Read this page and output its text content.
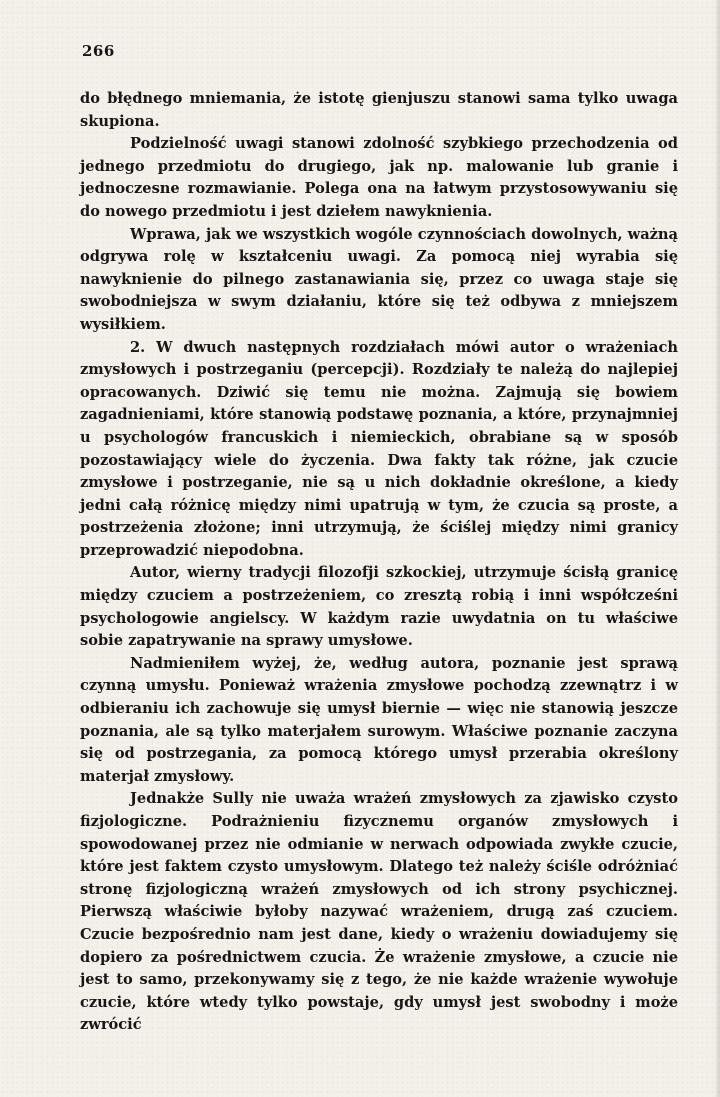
266

do błędnego mniemania, że istotę gienjuszu stanowi sama tylko uwaga skupiona.

Podzielność uwagi stanowi zdolność szybkiego przechodzenia od jednego przedmiotu do drugiego, jak np. malowanie lub granie i jednoczesne rozmawianie. Polega ona na łatwym przystosowywaniu się do nowego przedmiotu i jest dziełem nawyknienia.

Wprawa, jak we wszystkich wogóle czynnościach dowolnych, ważną odgrywa rolę w kształceniu uwagi. Za pomocą niej wyrabia się nawyknienie do pilnego zastanawiania się, przez co uwaga staje się swobodniejsza w swym działaniu, które się też odbywa z mniejszem wysiłkiem.

2. W dwuch następnych rozdziałach mówi autor o wrażeniach zmysłowych i postrzeganiu (percepcji). Rozdziały te należą do najlepiej opracowanych. Dziwić się temu nie można. Zajmują się bowiem zagadnieniami, które stanowią podstawę poznania, a które, przynajmniej u psychologów francuskich i niemieckich, obrabiane są w sposób pozostawiający wiele do życzenia. Dwa fakty tak różne, jak czucie zmysłowe i postrzeganie, nie są u nich dokładnie określone, a kiedy jedni całą różnicę między nimi upatrują w tym, że czucia są proste, a postrzeżenia złożone; inni utrzymują, że ściślej między nimi granicy przeprowadzić niepodobna.

Autor, wierny tradycji filozofji szkockiej, utrzymuje ścisłą granicę między czuciem a postrzeżeniem, co zresztą robią i inni współcześni psychologowie angielscy. W każdym razie uwydatnia on tu właściwe sobie zapatrywanie na sprawy umysłowe.

Nadmieniłem wyżej, że, według autora, poznanie jest sprawą czynną umysłu. Ponieważ wrażenia zmysłowe pochodzą zzewnątrz i w odbieraniu ich zachowuje się umysł biernie — więc nie stanowią jeszcze poznania, ale są tylko materjałem surowym. Właściwe poznanie zaczyna się od postrzegania, za pomocą którego umysł przerabia określony materjał zmysłowy.

Jednakże Sully nie uważa wrażeń zmysłowych za zjawisko czysto fizjologiczne. Podrażnieniu fizycznemu organów zmysłowych i spowodowanej przez nie odmianie w nerwach odpowiada zwykłe czucie, które jest faktem czysto umysłowym. Dlatego też należy ściśle odróżniać stronę fizjologiczną wrażeń zmysłowych od ich strony psychicznej. Pierwszą właściwie byłoby nazywać wrażeniem, drugą zaś czuciem. Czucie bezpośrednio nam jest dane, kiedy o wrażeniu dowiadujemy się dopiero za pośrednictwem czucia. Że wrażenie zmysłowe, a czucie nie jest to samo, przekonywamy się z tego, że nie każde wrażenie wywołuje czucie, które wtedy tylko powstaje, gdy umysł jest swobodny i może zwrócić
